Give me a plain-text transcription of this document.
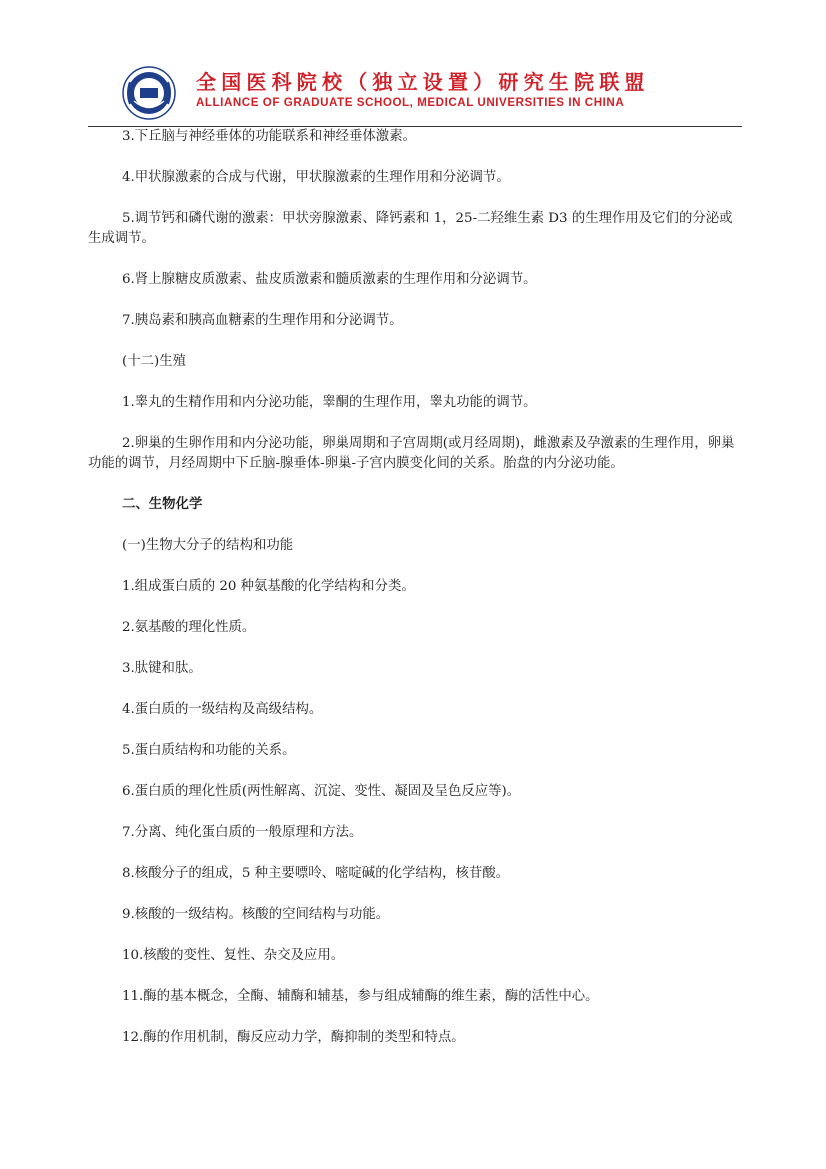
全国医科院校（独立设置）研究生院联盟
ALLIANCE OF GRADUATE SCHOOL, MEDICAL UNIVERSITIES IN CHINA

3.下丘脑与神经垂体的功能联系和神经垂体激素。

4.甲状腺激素的合成与代谢，甲状腺激素的生理作用和分泌调节。

5.调节钙和磷代谢的激素：甲状旁腺激素、降钙素和 1，25-二羟维生素 D3 的生理作用及它们的分泌或生成调节。

6.肾上腺糖皮质激素、盐皮质激素和髓质激素的生理作用和分泌调节。

7.胰岛素和胰高血糖素的生理作用和分泌调节。

(十二)生殖

1.睾丸的生精作用和内分泌功能，睾酮的生理作用，睾丸功能的调节。

2.卵巢的生卵作用和内分泌功能，卵巢周期和子宫周期(或月经周期)，雌激素及孕激素的生理作用，卵巢功能的调节，月经周期中下丘脑-腺垂体-卵巢-子宫内膜变化间的关系。胎盘的内分泌功能。

二、生物化学

(一)生物大分子的结构和功能

1.组成蛋白质的 20 种氨基酸的化学结构和分类。

2.氨基酸的理化性质。

3.肽键和肽。

4.蛋白质的一级结构及高级结构。

5.蛋白质结构和功能的关系。

6.蛋白质的理化性质(两性解离、沉淀、变性、凝固及呈色反应等)。

7.分离、纯化蛋白质的一般原理和方法。

8.核酸分子的组成，5 种主要嘌呤、嘧啶碱的化学结构，核苷酸。

9.核酸的一级结构。核酸的空间结构与功能。

10.核酸的变性、复性、杂交及应用。

11.酶的基本概念，全酶、辅酶和辅基，参与组成辅酶的维生素，酶的活性中心。

12.酶的作用机制，酶反应动力学，酶抑制的类型和特点。
